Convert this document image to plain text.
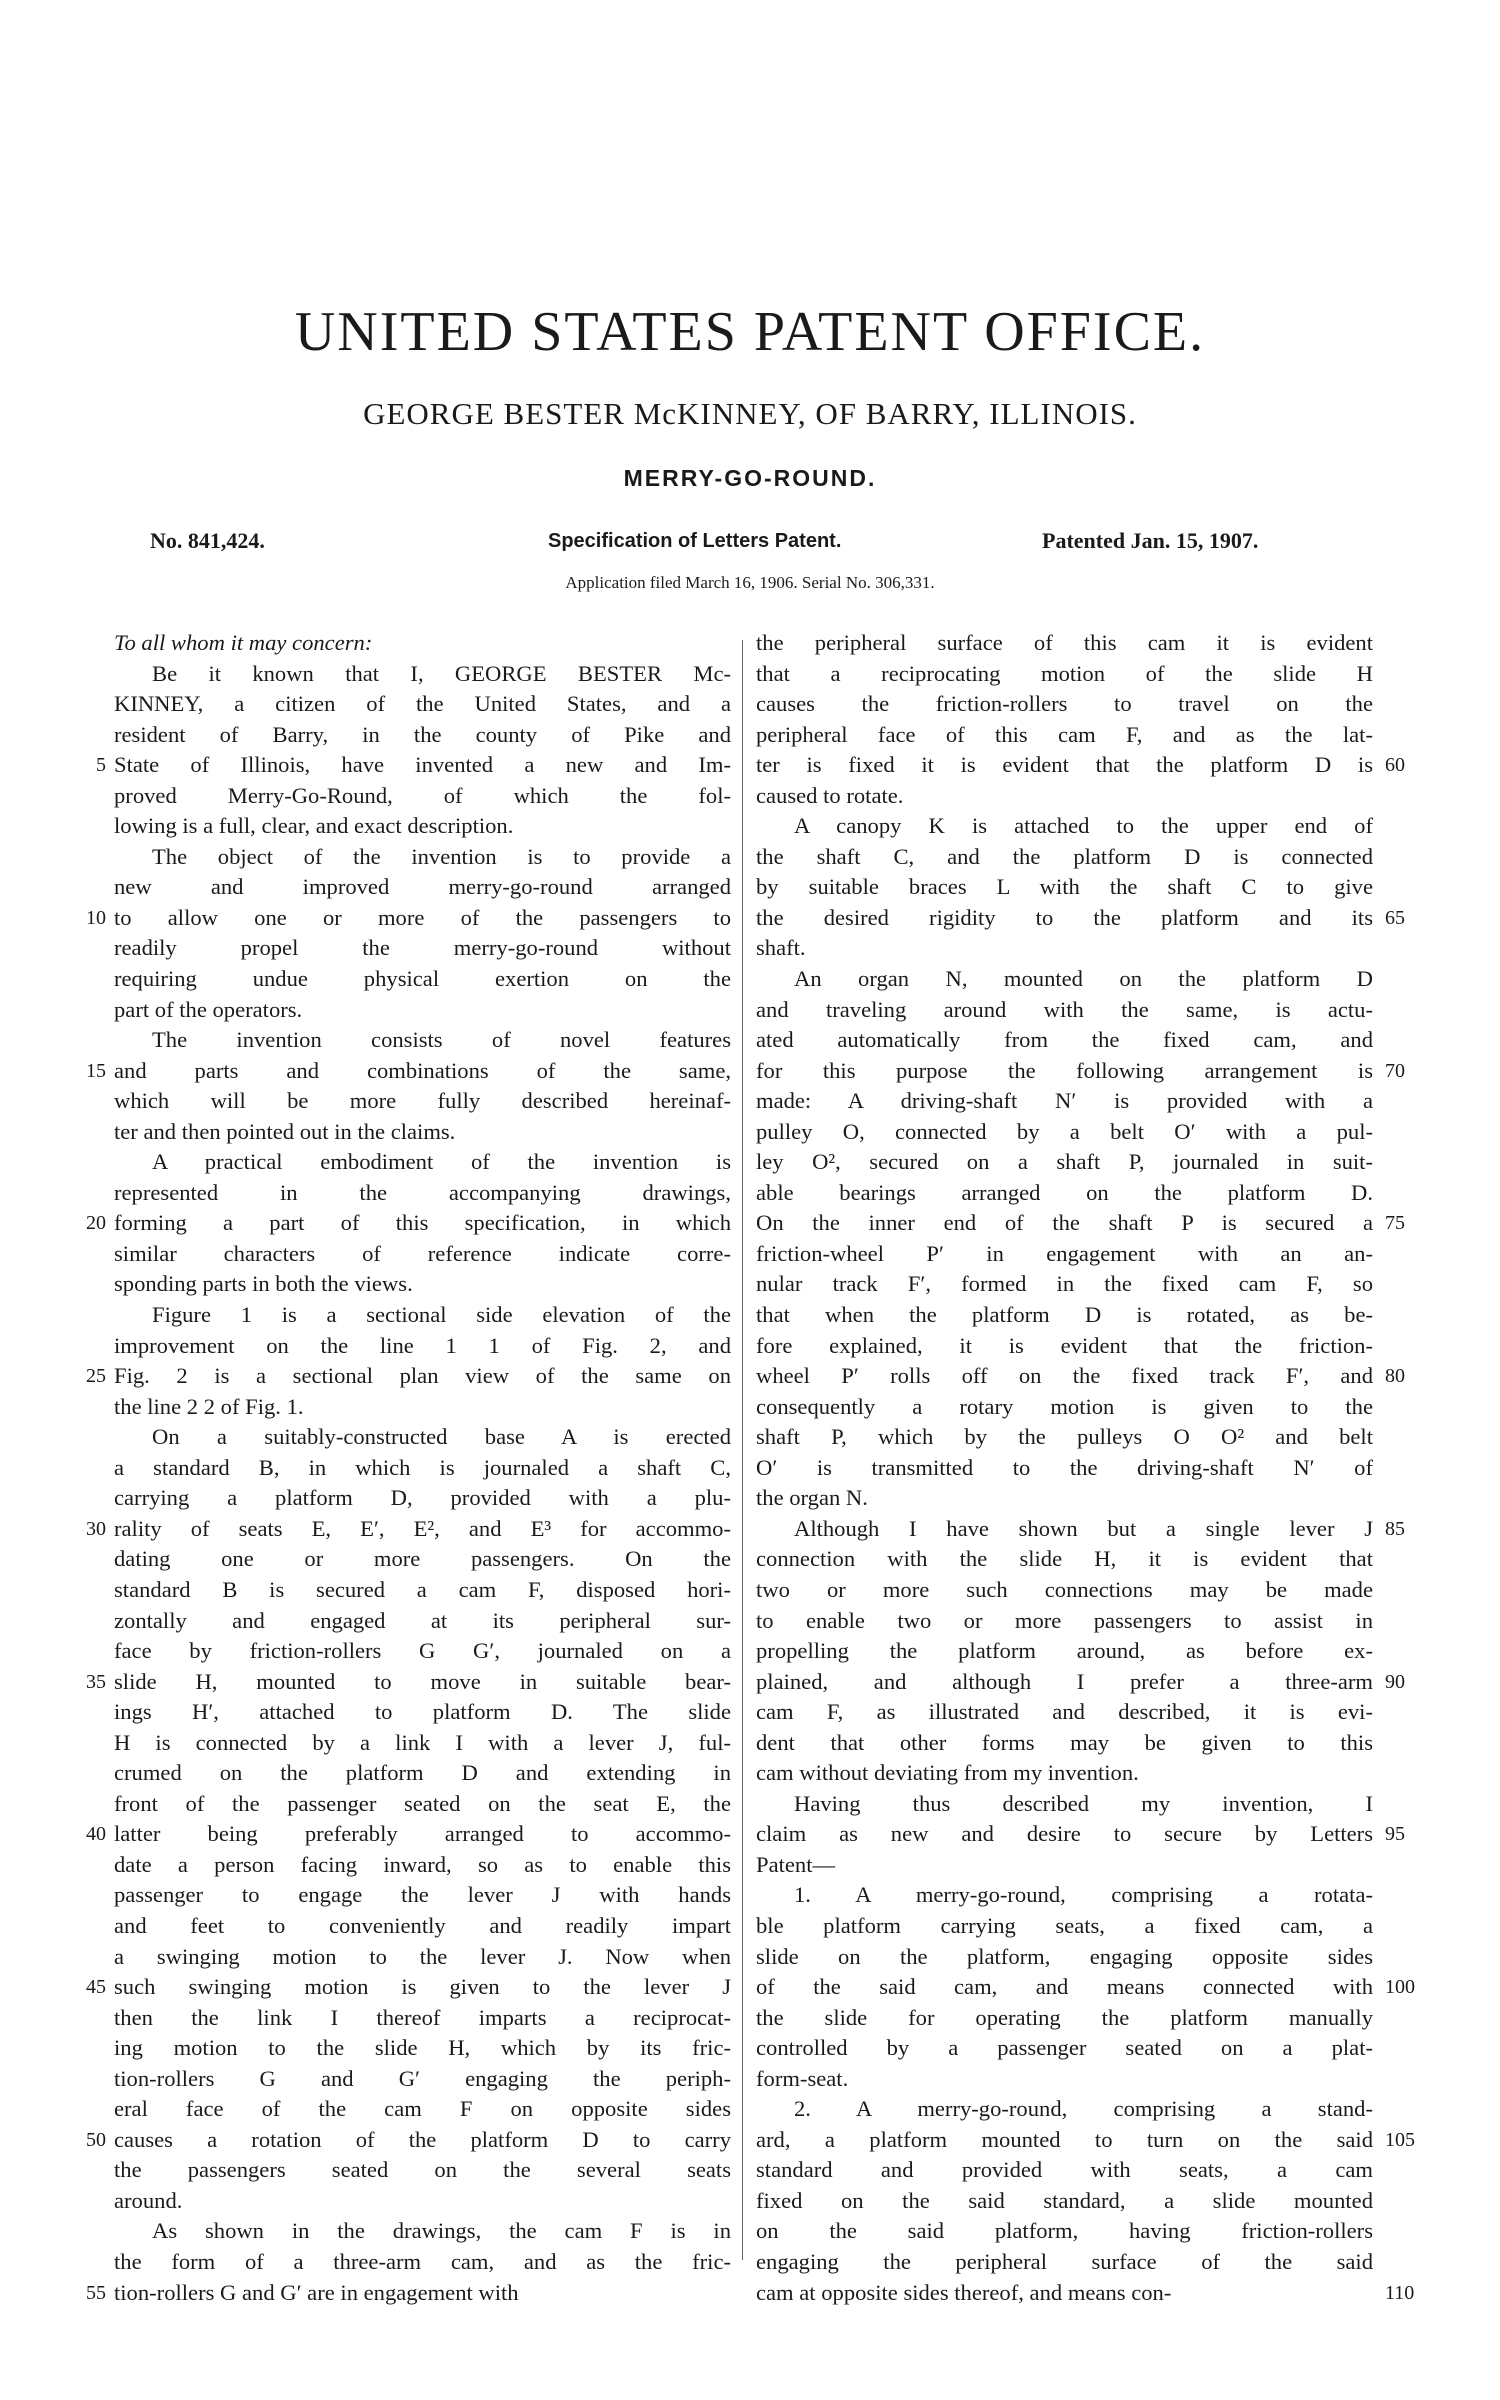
UNITED STATES PATENT OFFICE.
GEORGE BESTER McKINNEY, OF BARRY, ILLINOIS.
MERRY-GO-ROUND.
No. 841,424.	Specification of Letters Patent.	Patented Jan. 15, 1907.
Application filed March 16, 1906. Serial No. 306,331.
5
10
15
20
25
30
35
40
45
50
55
To all whom it may concern:
Be it known that I, GEORGE BESTER Mc-
KINNEY, a citizen of the United States, and a
resident of Barry, in the county of Pike and
State of Illinois, have invented a new and Im-
proved Merry-Go-Round, of which the fol-
lowing is a full, clear, and exact description.
The object of the invention is to provide a
new and improved merry-go-round arranged
to allow one or more of the passengers to
readily propel the merry-go-round without
requiring undue physical exertion on the
part of the operators.
The invention consists of novel features
and parts and combinations of the same,
which will be more fully described hereinaf-
ter and then pointed out in the claims.
A practical embodiment of the invention is
represented in the accompanying drawings,
forming a part of this specification, in which
similar characters of reference indicate corre-
sponding parts in both the views.
Figure 1 is a sectional side elevation of the
improvement on the line 1 1 of Fig. 2, and
Fig. 2 is a sectional plan view of the same on
the line 2 2 of Fig. 1.
On a suitably-constructed base A is erected
a standard B, in which is journaled a shaft C,
carrying a platform D, provided with a plu-
rality of seats E, E′, E², and E³ for accommo-
dating one or more passengers. On the
standard B is secured a cam F, disposed hori-
zontally and engaged at its peripheral sur-
face by friction-rollers G G′, journaled on a
slide H, mounted to move in suitable bear-
ings H′, attached to platform D. The slide
H is connected by a link I with a lever J, ful-
crumed on the platform D and extending in
front of the passenger seated on the seat E, the
latter being preferably arranged to accommo-
date a person facing inward, so as to enable this
passenger to engage the lever J with hands
and feet to conveniently and readily impart
a swinging motion to the lever J. Now when
such swinging motion is given to the lever J
then the link I thereof imparts a reciprocat-
ing motion to the slide H, which by its fric-
tion-rollers G and G′ engaging the periph-
eral face of the cam F on opposite sides
causes a rotation of the platform D to carry
the passengers seated on the several seats
around.
As shown in the drawings, the cam F is in
the form of a three-arm cam, and as the fric-
tion-rollers G and G′ are in engagement with
the peripheral surface of this cam it is evident
that a reciprocating motion of the slide H
causes the friction-rollers to travel on the
peripheral face of this cam F, and as the lat-
ter is fixed it is evident that the platform D is
caused to rotate.
A canopy K is attached to the upper end of
the shaft C, and the platform D is connected
by suitable braces L with the shaft C to give
the desired rigidity to the platform and its
shaft.
An organ N, mounted on the platform D
and traveling around with the same, is actu-
ated automatically from the fixed cam, and
for this purpose the following arrangement is
made: A driving-shaft N′ is provided with a
pulley O, connected by a belt O′ with a pul-
ley O², secured on a shaft P, journaled in suit-
able bearings arranged on the platform D.
On the inner end of the shaft P is secured a
friction-wheel P′ in engagement with an an-
nular track F′, formed in the fixed cam F, so
that when the platform D is rotated, as be-
fore explained, it is evident that the friction-
wheel P′ rolls off on the fixed track F′, and
consequently a rotary motion is given to the
shaft P, which by the pulleys O O² and belt
O′ is transmitted to the driving-shaft N′ of
the organ N.
Although I have shown but a single lever J
connection with the slide H, it is evident that
two or more such connections may be made
to enable two or more passengers to assist in
propelling the platform around, as before ex-
plained, and although I prefer a three-arm
cam F, as illustrated and described, it is evi-
dent that other forms may be given to this
cam without deviating from my invention.
Having thus described my invention, I
claim as new and desire to secure by Letters
Patent—
1. A merry-go-round, comprising a rotata-
ble platform carrying seats, a fixed cam, a
slide on the platform, engaging opposite sides
of the said cam, and means connected with
the slide for operating the platform manually
controlled by a passenger seated on a plat-
form-seat.
2. A merry-go-round, comprising a stand-
ard, a platform mounted to turn on the said
standard and provided with seats, a cam
fixed on the said standard, a slide mounted
on the said platform, having friction-rollers
engaging the peripheral surface of the said
cam at opposite sides thereof, and means con-
60
65
70
75
80
85
90
95
100
105
110
